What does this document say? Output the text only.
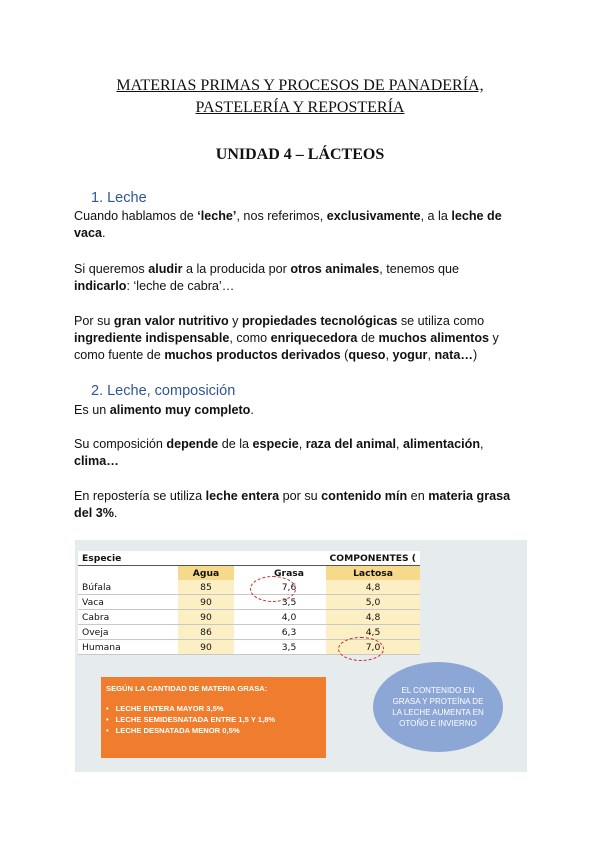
MATERIAS PRIMAS Y PROCESOS DE PANADERÍA,
PASTELERÍA Y REPOSTERÍA
UNIDAD 4 – LÁCTEOS
1. Leche
Cuando hablamos de ‘leche’, nos referimos, exclusivamente, a la leche de
vaca.
Si queremos aludir a la producida por otros animales, tenemos que
indicarlo: ‘leche de cabra’…
Por su gran valor nutritivo y propiedades tecnológicas se utiliza como
ingrediente indispensable, como enriquecedora de muchos alimentos y
como fuente de muchos productos derivados (queso, yogur, nata…)
2. Leche, composición
Es un alimento muy completo.
Su composición depende de la especie, raza del animal, alimentación,
clima…
En repostería se utiliza leche entera por su contenido mín en materia grasa
del 3%.
Especie			COMPONENTES (	
	Agua		Grasa	Lactosa
Búfala	85		7,6	4,8
Vaca	90		3,5	5,0
Cabra	90		4,0	4,8
Oveja	86		6,3	4,5
Humana	90		3,5	7,0
SEGÚN LA CANTIDAD DE MATERIA GRASA:
• LECHE ENTERA MAYOR 3,5%
• LECHE SEMIDESNATADA ENTRE 1,5 Y 1,8%
• LECHE DESNATADA MENOR 0,5%
EL CONTENIDO EN GRASA Y PROTEÍNA DE LA LECHE AUMENTA EN OTOÑO E INVIERNO
